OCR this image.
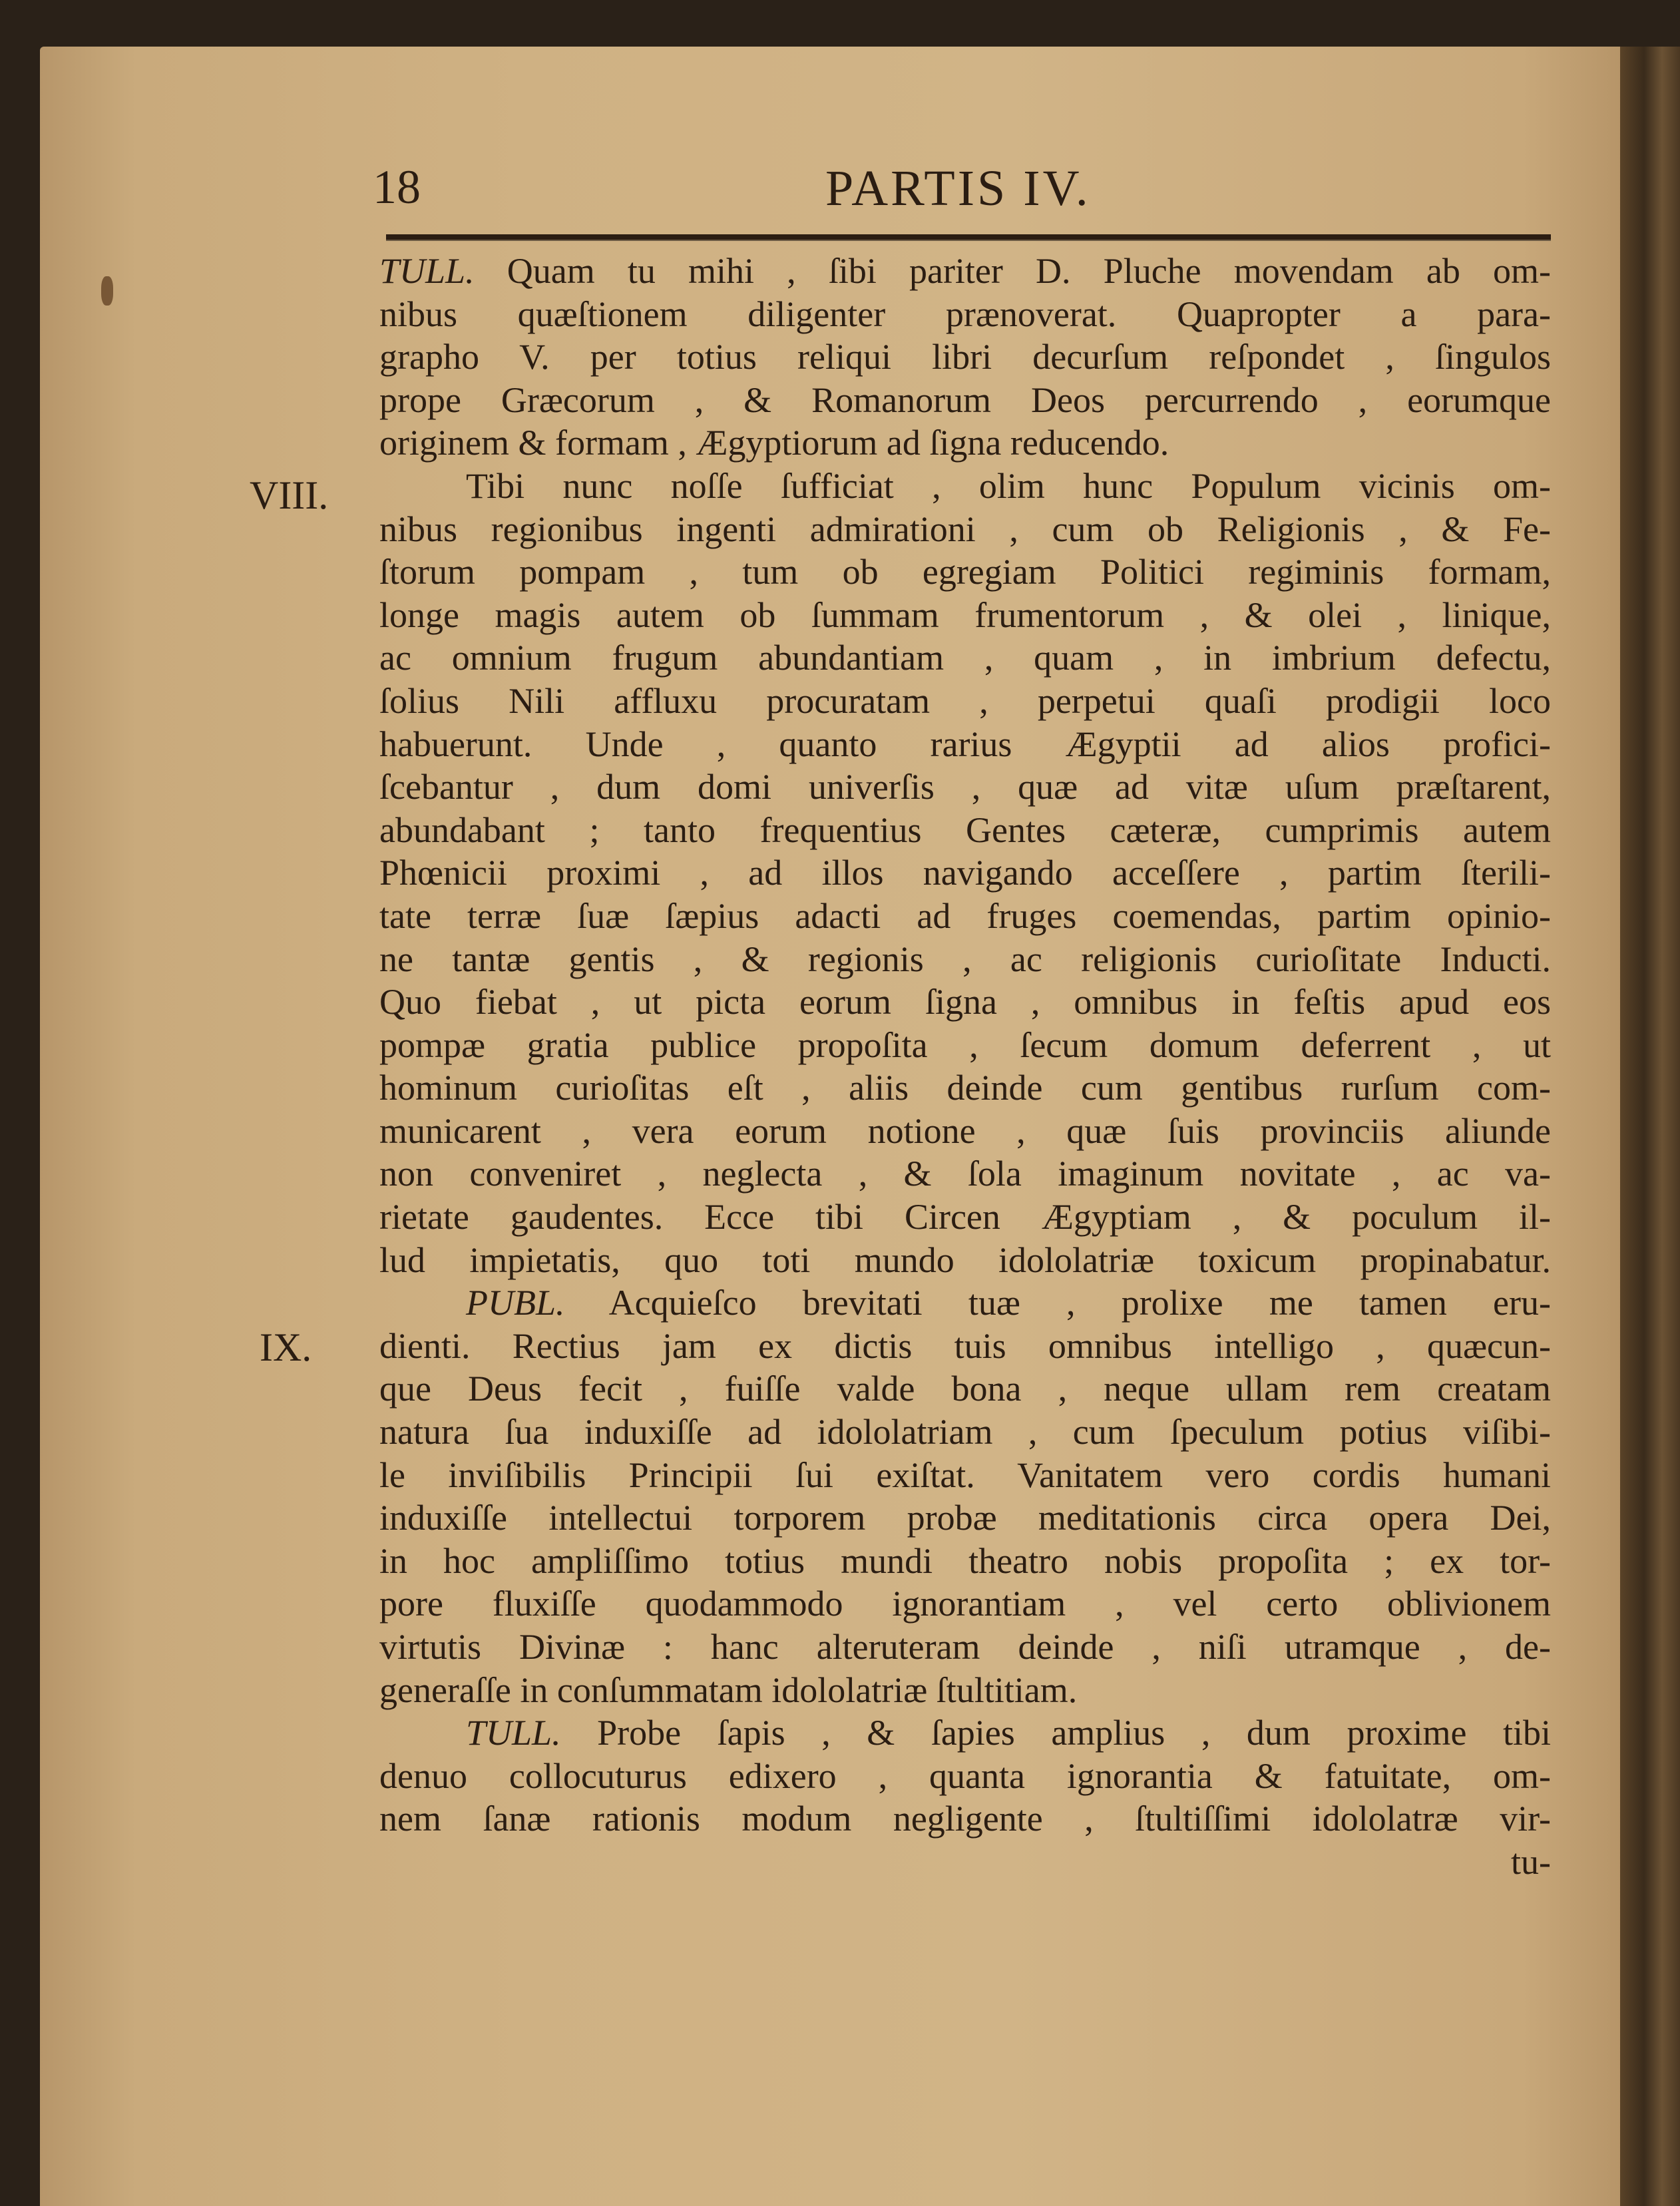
18	PARTIS IV.
VIII.
IX.
TULL. Quam tu mihi , ſibi pariter D. Pluche movendam ab om-
nibus quæſtionem diligenter prænoverat. Quapropter a para-
grapho V. per totius reliqui libri decurſum reſpondet , ſingulos
prope Græcorum , & Romanorum Deos percurrendo , eorumque
originem & formam , Ægyptiorum ad ſigna reducendo.
Tibi nunc noſſe ſufficiat , olim hunc Populum vicinis om-
nibus regionibus ingenti admirationi , cum ob Religionis , & Fe-
ſtorum pompam , tum ob egregiam Politici regiminis formam,
longe magis autem ob ſummam frumentorum , & olei , linique,
ac omnium frugum abundantiam , quam , in imbrium defectu,
ſolius Nili affluxu procuratam , perpetui quaſi prodigii loco
habuerunt. Unde , quanto rarius Ægyptii ad alios profici-
ſcebantur , dum domi univerſis , quæ ad vitæ uſum præſtarent,
abundabant ; tanto frequentius Gentes cæteræ, cumprimis autem
Phœnicii proximi , ad illos navigando acceſſere , partim ſterili-
tate terræ ſuæ ſæpius adacti ad fruges coemendas, partim opinio-
ne tantæ gentis , & regionis , ac religionis curioſitate Inducti.
Quo fiebat , ut picta eorum ſigna , omnibus in feſtis apud eos
pompæ gratia publice propoſita , ſecum domum deferrent , ut
hominum curioſitas eſt , aliis deinde cum gentibus rurſum com-
municarent , vera eorum notione , quæ ſuis provinciis aliunde
non conveniret , neglecta , & ſola imaginum novitate , ac va-
rietate gaudentes. Ecce tibi Circen Ægyptiam , & poculum il-
lud impietatis, quo toti mundo idololatriæ toxicum propinabatur.
PUBL. Acquieſco brevitati tuæ , prolixe me tamen eru-
dienti. Rectius jam ex dictis tuis omnibus intelligo , quæcun-
que Deus fecit , fuiſſe valde bona , neque ullam rem creatam
natura ſua induxiſſe ad idololatriam , cum ſpeculum potius viſibi-
le inviſibilis Principii ſui exiſtat. Vanitatem vero cordis humani
induxiſſe intellectui torporem probæ meditationis circa opera Dei,
in hoc ampliſſimo totius mundi theatro nobis propoſita ; ex tor-
pore fluxiſſe quodammodo ignorantiam , vel certo oblivionem
virtutis Divinæ : hanc alteruteram deinde , niſi utramque , de-
generaſſe in conſummatam idololatriæ ſtultitiam.
TULL. Probe ſapis , & ſapies amplius , dum proxime tibi
denuo collocuturus edixero , quanta ignorantia & fatuitate, om-
nem ſanæ rationis modum negligente , ſtultiſſimi idololatræ vir-
tu-
